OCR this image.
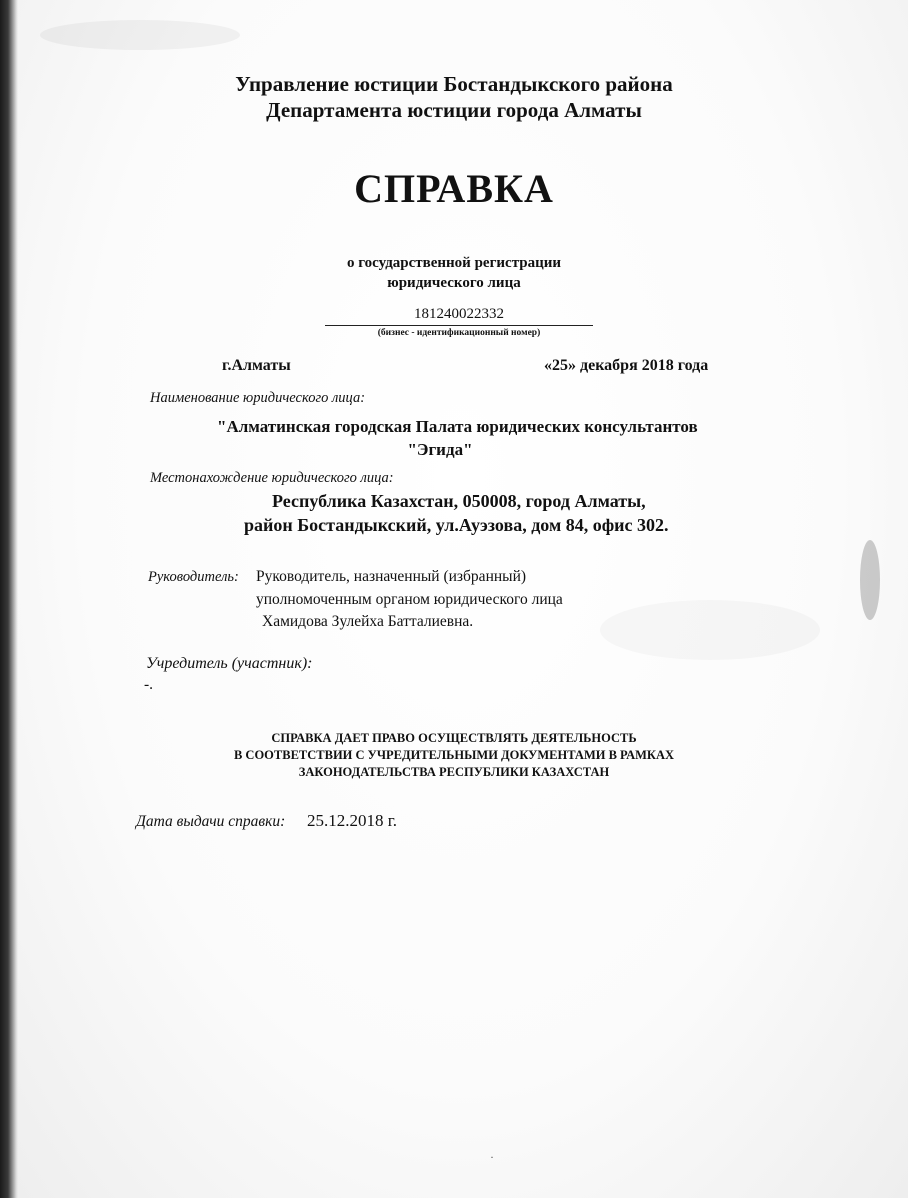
Управление юстиции Бостандыкского района
Департамента юстиции города Алматы
СПРАВКА
о государственной регистрации
юридического лица
181240022332
(бизнес - идентификационный номер)
г.Алматы	«25» декабря 2018 года
Наименование юридического лица:
"Алматинская городская Палата юридических консультантов
"Эгида"
Местонахождение юридического лица:
Республика Казахстан, 050008, город Алматы,
район Бостандыкский, ул.Ауэзова, дом 84, офис 302.
Руководитель: Руководитель, назначенный (избранный)
уполномоченным органом юридического лица
Хамидова Зулейха Батталиевна.
Учредитель (участник):
-.
СПРАВКА ДАЕТ ПРАВО ОСУЩЕСТВЛЯТЬ ДЕЯТЕЛЬНОСТЬ
В СООТВЕТСТВИИ С УЧРЕДИТЕЛЬНЫМИ ДОКУМЕНТАМИ В РАМКАХ
ЗАКОНОДАТЕЛЬСТВА РЕСПУБЛИКИ КАЗАХСТАН
Дата выдачи справки: 25.12.2018 г.
·
